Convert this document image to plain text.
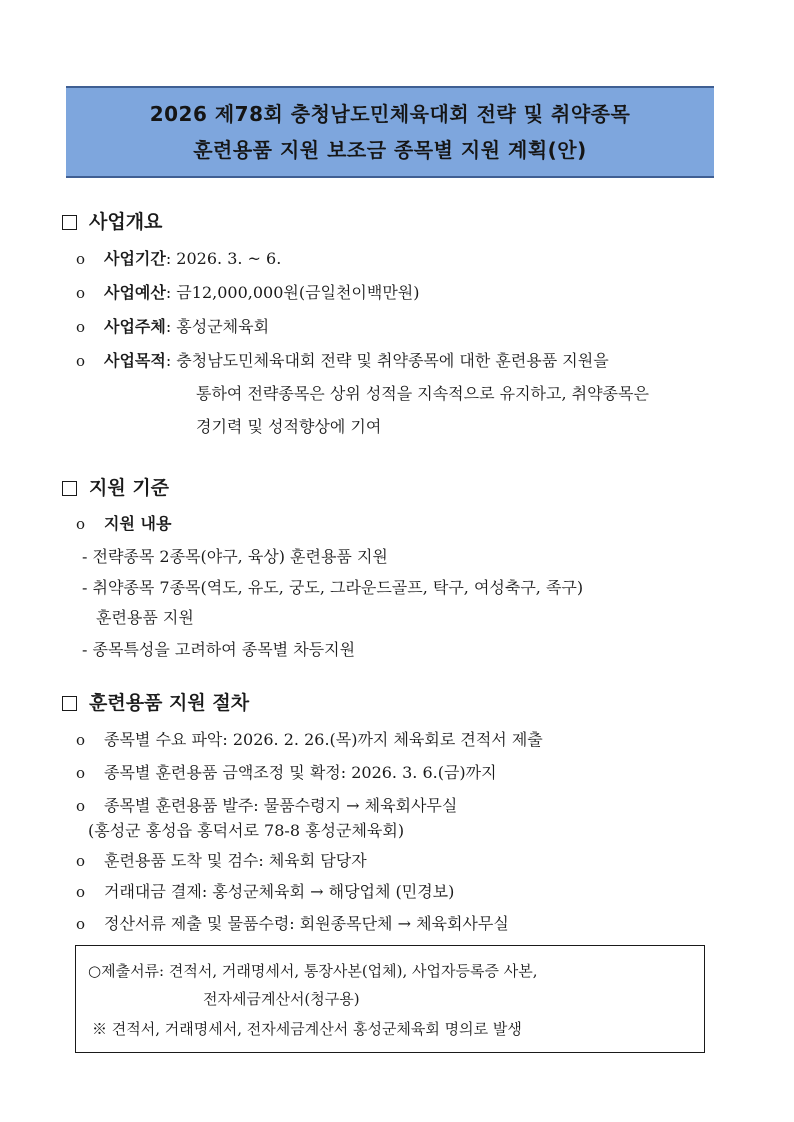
2026 제78회 충청남도민체육대회 전략 및 취약종목
훈련용품 지원 보조금 종목별 지원 계획(안)
사업개요
o 사업기간: 2026. 3. ~ 6.
o 사업예산: 금12,000,000원(금일천이백만원)
o 사업주체: 홍성군체육회
o 사업목적: 충청남도민체육대회 전략 및 취약종목에 대한 훈련용품 지원을
통하여 전략종목은 상위 성적을 지속적으로 유지하고, 취약종목은
경기력 및 성적향상에 기여
지원 기준
o 지원 내용
- 전략종목 2종목(야구, 육상) 훈련용품 지원
- 취약종목 7종목(역도, 유도, 궁도, 그라운드골프, 탁구, 여성축구, 족구)
훈련용품 지원
- 종목특성을 고려하여 종목별 차등지원
훈련용품 지원 절차
o 종목별 수요 파악: 2026. 2. 26.(목)까지 체육회로 견적서 제출
o 종목별 훈련용품 금액조정 및 확정: 2026. 3. 6.(금)까지
o 종목별 훈련용품 발주: 물품수령지 → 체육회사무실
(홍성군 홍성읍 홍덕서로 78-8 홍성군체육회)
o 훈련용품 도착 및 검수: 체육회 담당자
o 거래대금 결제: 홍성군체육회 → 해당업체 (민경보)
o 정산서류 제출 및 물품수령: 회원종목단체 → 체육회사무실
○제출서류: 견적서, 거래명세서, 통장사본(업체), 사업자등록증 사본,
전자세금계산서(청구용)
※ 견적서, 거래명세서, 전자세금계산서 홍성군체육회 명의로 발생
